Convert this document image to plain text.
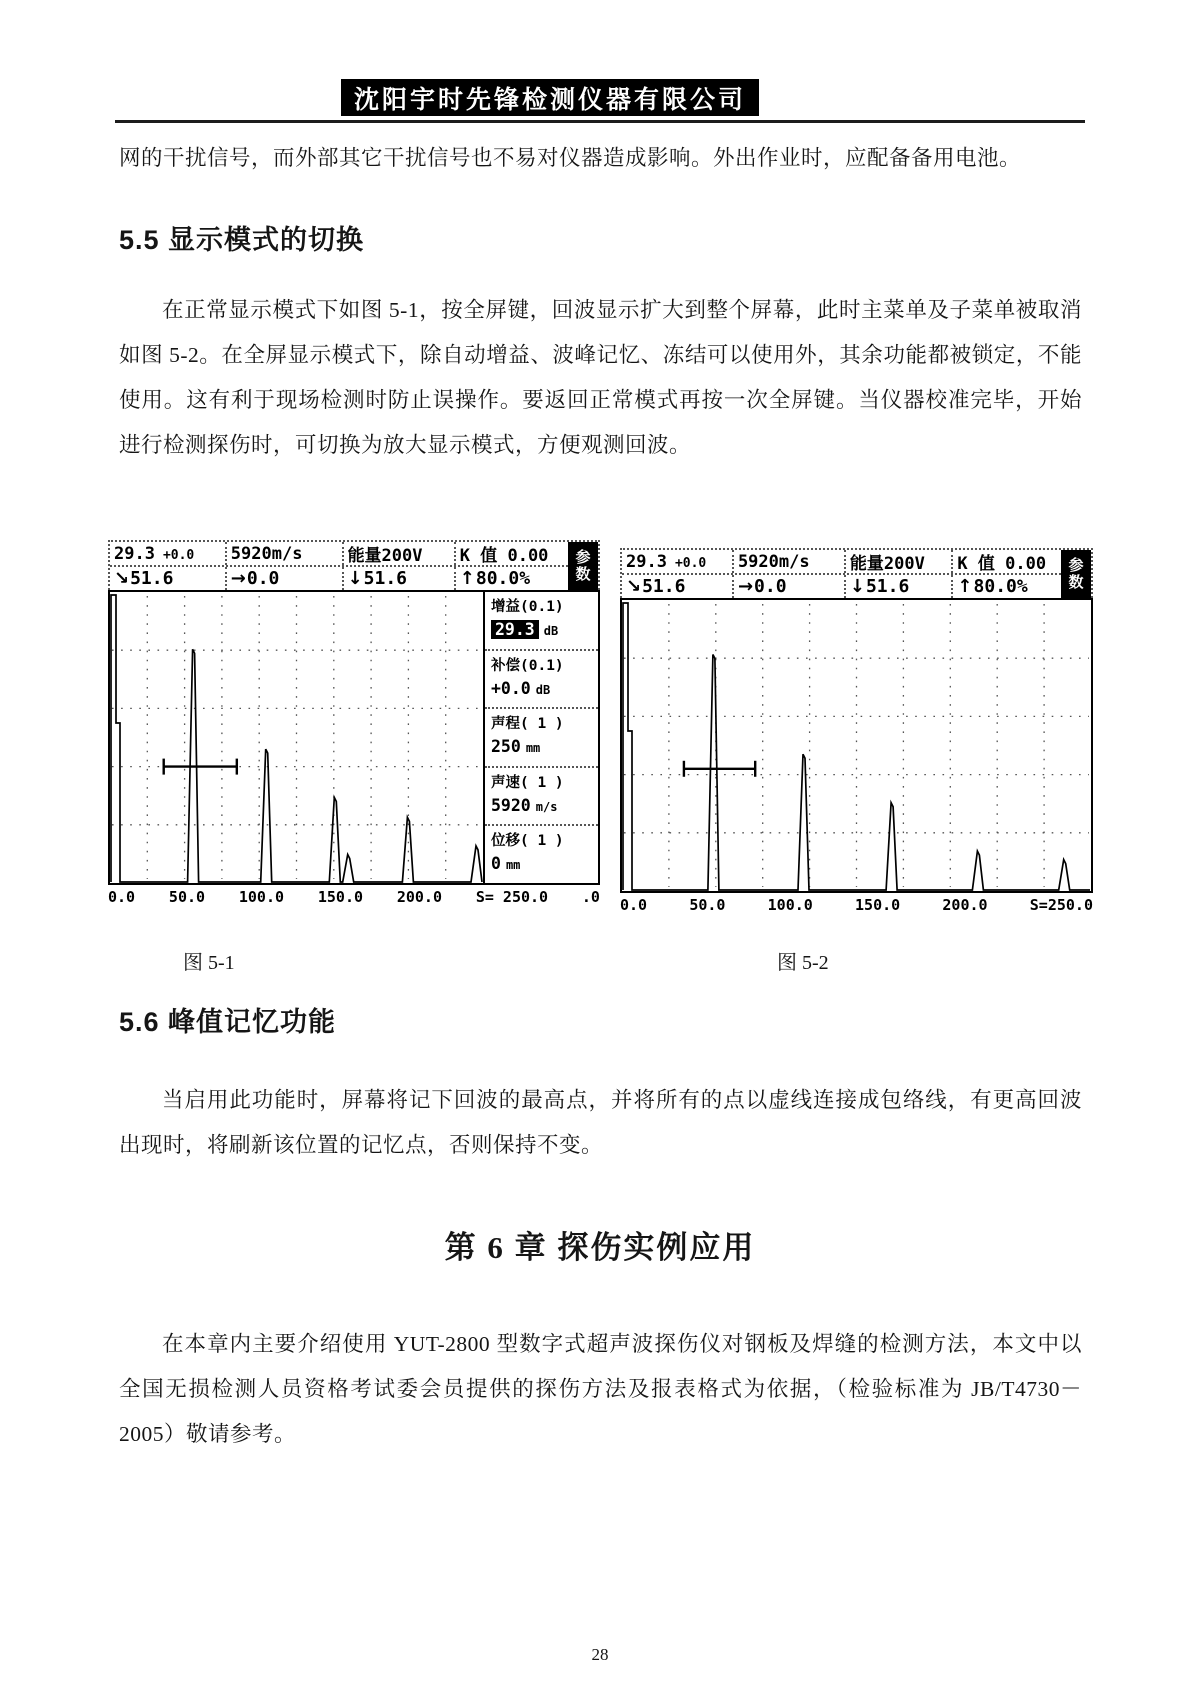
沈阳宇时先锋检测仪器有限公司
网的干扰信号，而外部其它干扰信号也不易对仪器造成影响。外出作业时，应配备备用电池。
5.5 显示模式的切换
在正常显示模式下如图 5-1，按全屏键，回波显示扩大到整个屏幕，此时主菜单及子菜单被取消如图 5-2。在全屏显示模式下，除自动增益、波峰记忆、冻结可以使用外，其余功能都被锁定，不能使用。这有利于现场检测时防止误操作。要返回正常模式再按一次全屏键。当仪器校准完毕，开始进行检测探伤时，可切换为放大显示模式，方便观测回波。
29.3 +0.0 5920m/s	能量200V	K 值 0.00
↘ 51.6	→ 0.0	↓ 51.6	↑ 80.0%
参
数
增益(0.1)
29.3 dB
补偿(0.1)
+0.0 dB
声程( 1 )
250 mm
声速( 1 )
5920 m/s
位移( 1 )
0 mm
0.0 50.0 100.0 150.0 200.0 S= 250.0 .0
29.3 +0.0 5920m/s	能量200V	K 值 0.00
↘ 51.6	→ 0.0	↓ 51.6	↑ 80.0%
参
数
0.0	50.0	100.0	150.0	200.0	S=250.0
图 5-1	图 5-2
5.6 峰值记忆功能
当启用此功能时，屏幕将记下回波的最高点，并将所有的点以虚线连接成包络线，有更高回波出现时，将刷新该位置的记忆点，否则保持不变。
第 6 章 探伤实例应用
在本章内主要介绍使用 YUT-2800 型数字式超声波探伤仪对钢板及焊缝的检测方法，本文中以全国无损检测人员资格考试委会员提供的探伤方法及报表格式为依据，（检验标准为 JB/T4730－2005）敬请参考。
28
